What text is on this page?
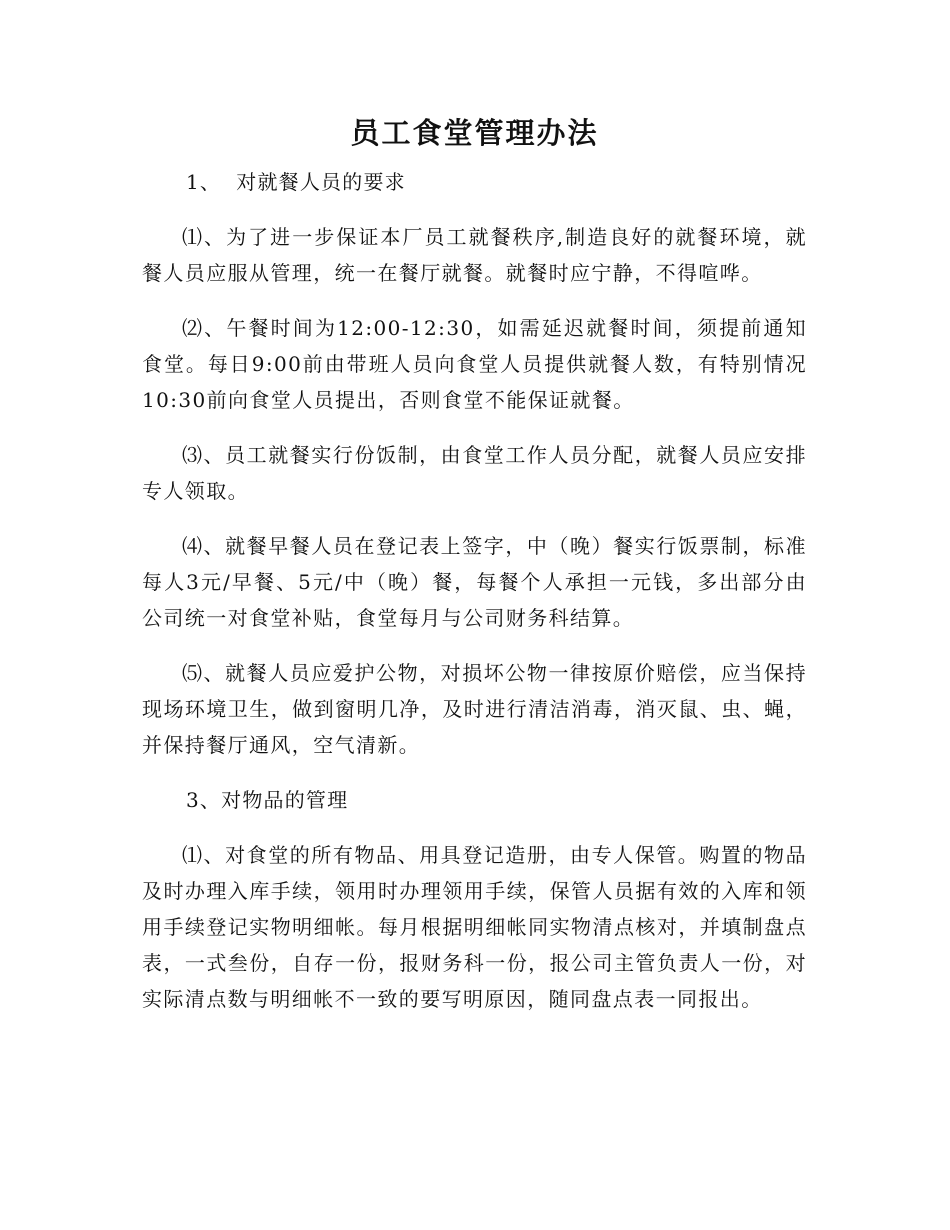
员工食堂管理办法

1、  对就餐人员的要求

⑴、为了进一步保证本厂员工就餐秩序,制造良好的就餐环境，就餐人员应服从管理，统一在餐厅就餐。就餐时应宁静，不得喧哗。

⑵、午餐时间为12:00-12:30，如需延迟就餐时间，须提前通知食堂。每日9:00前由带班人员向食堂人员提供就餐人数，有特别情况10:30前向食堂人员提出，否则食堂不能保证就餐。

⑶、员工就餐实行份饭制，由食堂工作人员分配，就餐人员应安排专人领取。

⑷、就餐早餐人员在登记表上签字，中（晚）餐实行饭票制，标准每人3元/早餐、5元/中（晚）餐，每餐个人承担一元钱，多出部分由公司统一对食堂补贴，食堂每月与公司财务科结算。

⑸、就餐人员应爱护公物，对损坏公物一律按原价赔偿，应当保持现场环境卫生，做到窗明几净，及时进行清洁消毒，消灭鼠、虫、蝇，并保持餐厅通风，空气清新。

3、对物品的管理

⑴、对食堂的所有物品、用具登记造册，由专人保管。购置的物品及时办理入库手续，领用时办理领用手续，保管人员据有效的入库和领用手续登记实物明细帐。每月根据明细帐同实物清点核对，并填制盘点表，一式叁份，自存一份，报财务科一份，报公司主管负责人一份，对实际清点数与明细帐不一致的要写明原因，随同盘点表一同报出。
